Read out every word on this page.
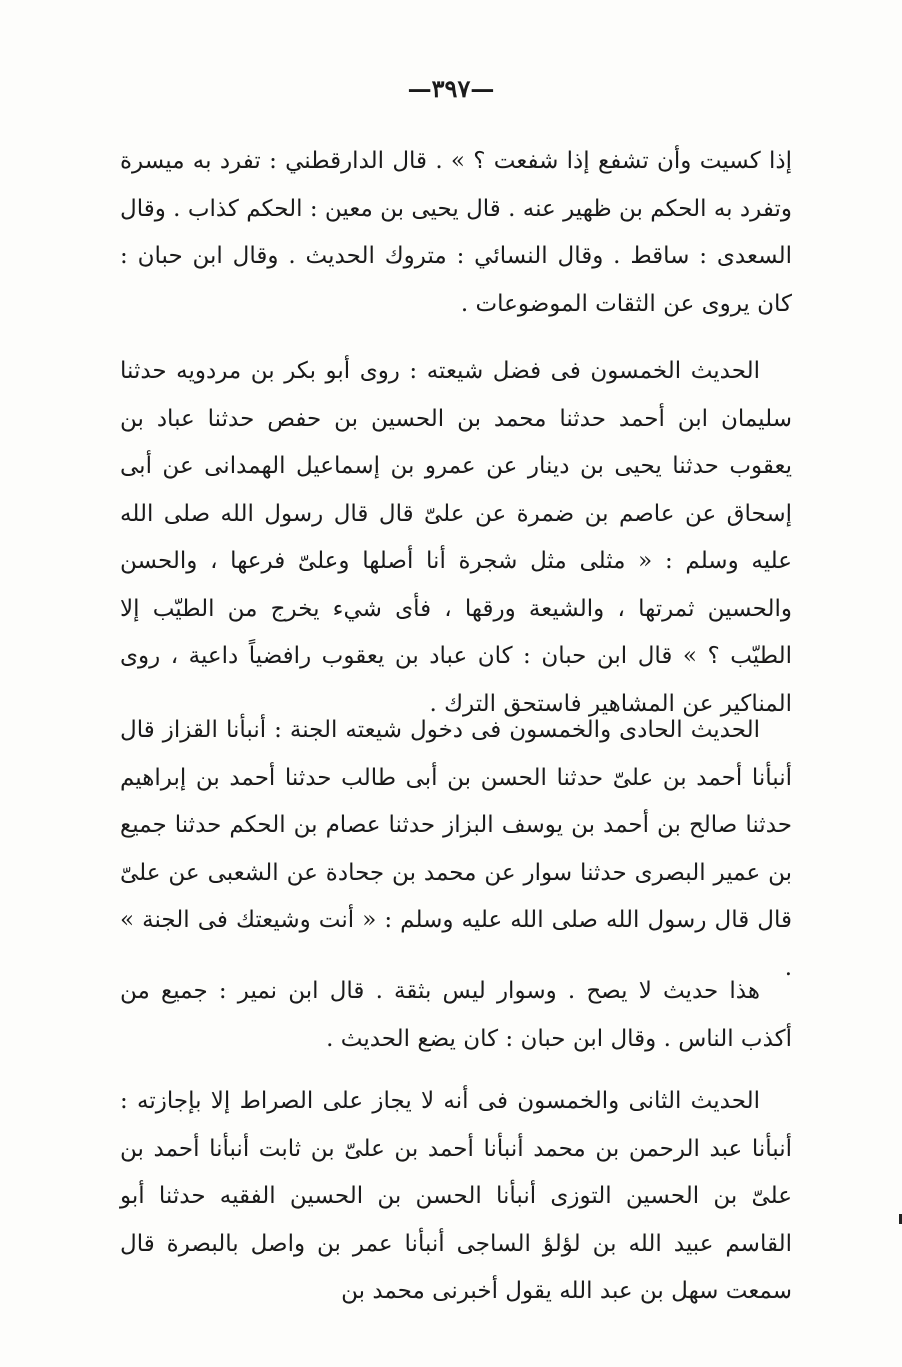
—٣٩٧—

إذا كسيت وأن تشفع إذا شفعت ؟ » . قال الدارقطني : تفرد به ميسرة وتفرد به الحكم بن ظهير عنه . قال يحيى بن معين : الحكم كذاب . وقال السعدى : ساقط . وقال النسائي : متروك الحديث . وقال ابن حبان : كان يروى عن الثقات الموضوعات .

الحديث الخمسون فى فضل شيعته : روى أبو بكر بن مردويه حدثنا سليمان ابن أحمد حدثنا محمد بن الحسين بن حفص حدثنا عباد بن يعقوب حدثنا يحيى بن دينار عن عمرو بن إسماعيل الهمدانى عن أبى إسحاق عن عاصم بن ضمرة عن علىّ قال قال رسول الله صلى الله عليه وسلم : « مثلى مثل شجرة أنا أصلها وعلىّ فرعها ، والحسن والحسين ثمرتها ، والشيعة ورقها ، فأى شيء يخرج من الطيّب إلا الطيّب ؟ » قال ابن حبان : كان عباد بن يعقوب رافضياً داعية ، روى المناكير عن المشاهير فاستحق الترك .

الحديث الحادى والخمسون فى دخول شيعته الجنة : أنبأنا القزاز قال أنبأنا أحمد بن علىّ حدثنا الحسن بن أبى طالب حدثنا أحمد بن إبراهيم حدثنا صالح بن أحمد بن يوسف البزاز حدثنا عصام بن الحكم حدثنا جميع بن عمير البصرى حدثنا سوار عن محمد بن جحادة عن الشعبى عن علىّ قال قال رسول الله صلى الله عليه وسلم : « أنت وشيعتك فى الجنة » .

هذا حديث لا يصح . وسوار ليس بثقة . قال ابن نمير : جميع من أكذب الناس . وقال ابن حبان : كان يضع الحديث .

الحديث الثانى والخمسون فى أنه لا يجاز على الصراط إلا بإجازته : أنبأنا عبد الرحمن بن محمد أنبأنا أحمد بن علىّ بن ثابت أنبأنا أحمد بن علىّ بن الحسين التوزى أنبأنا الحسن بن الحسين الفقيه حدثنا أبو القاسم عبيد الله بن لؤلؤ الساجى أنبأنا عمر بن واصل بالبصرة قال سمعت سهل بن عبد الله يقول أخبرنى محمد بن
